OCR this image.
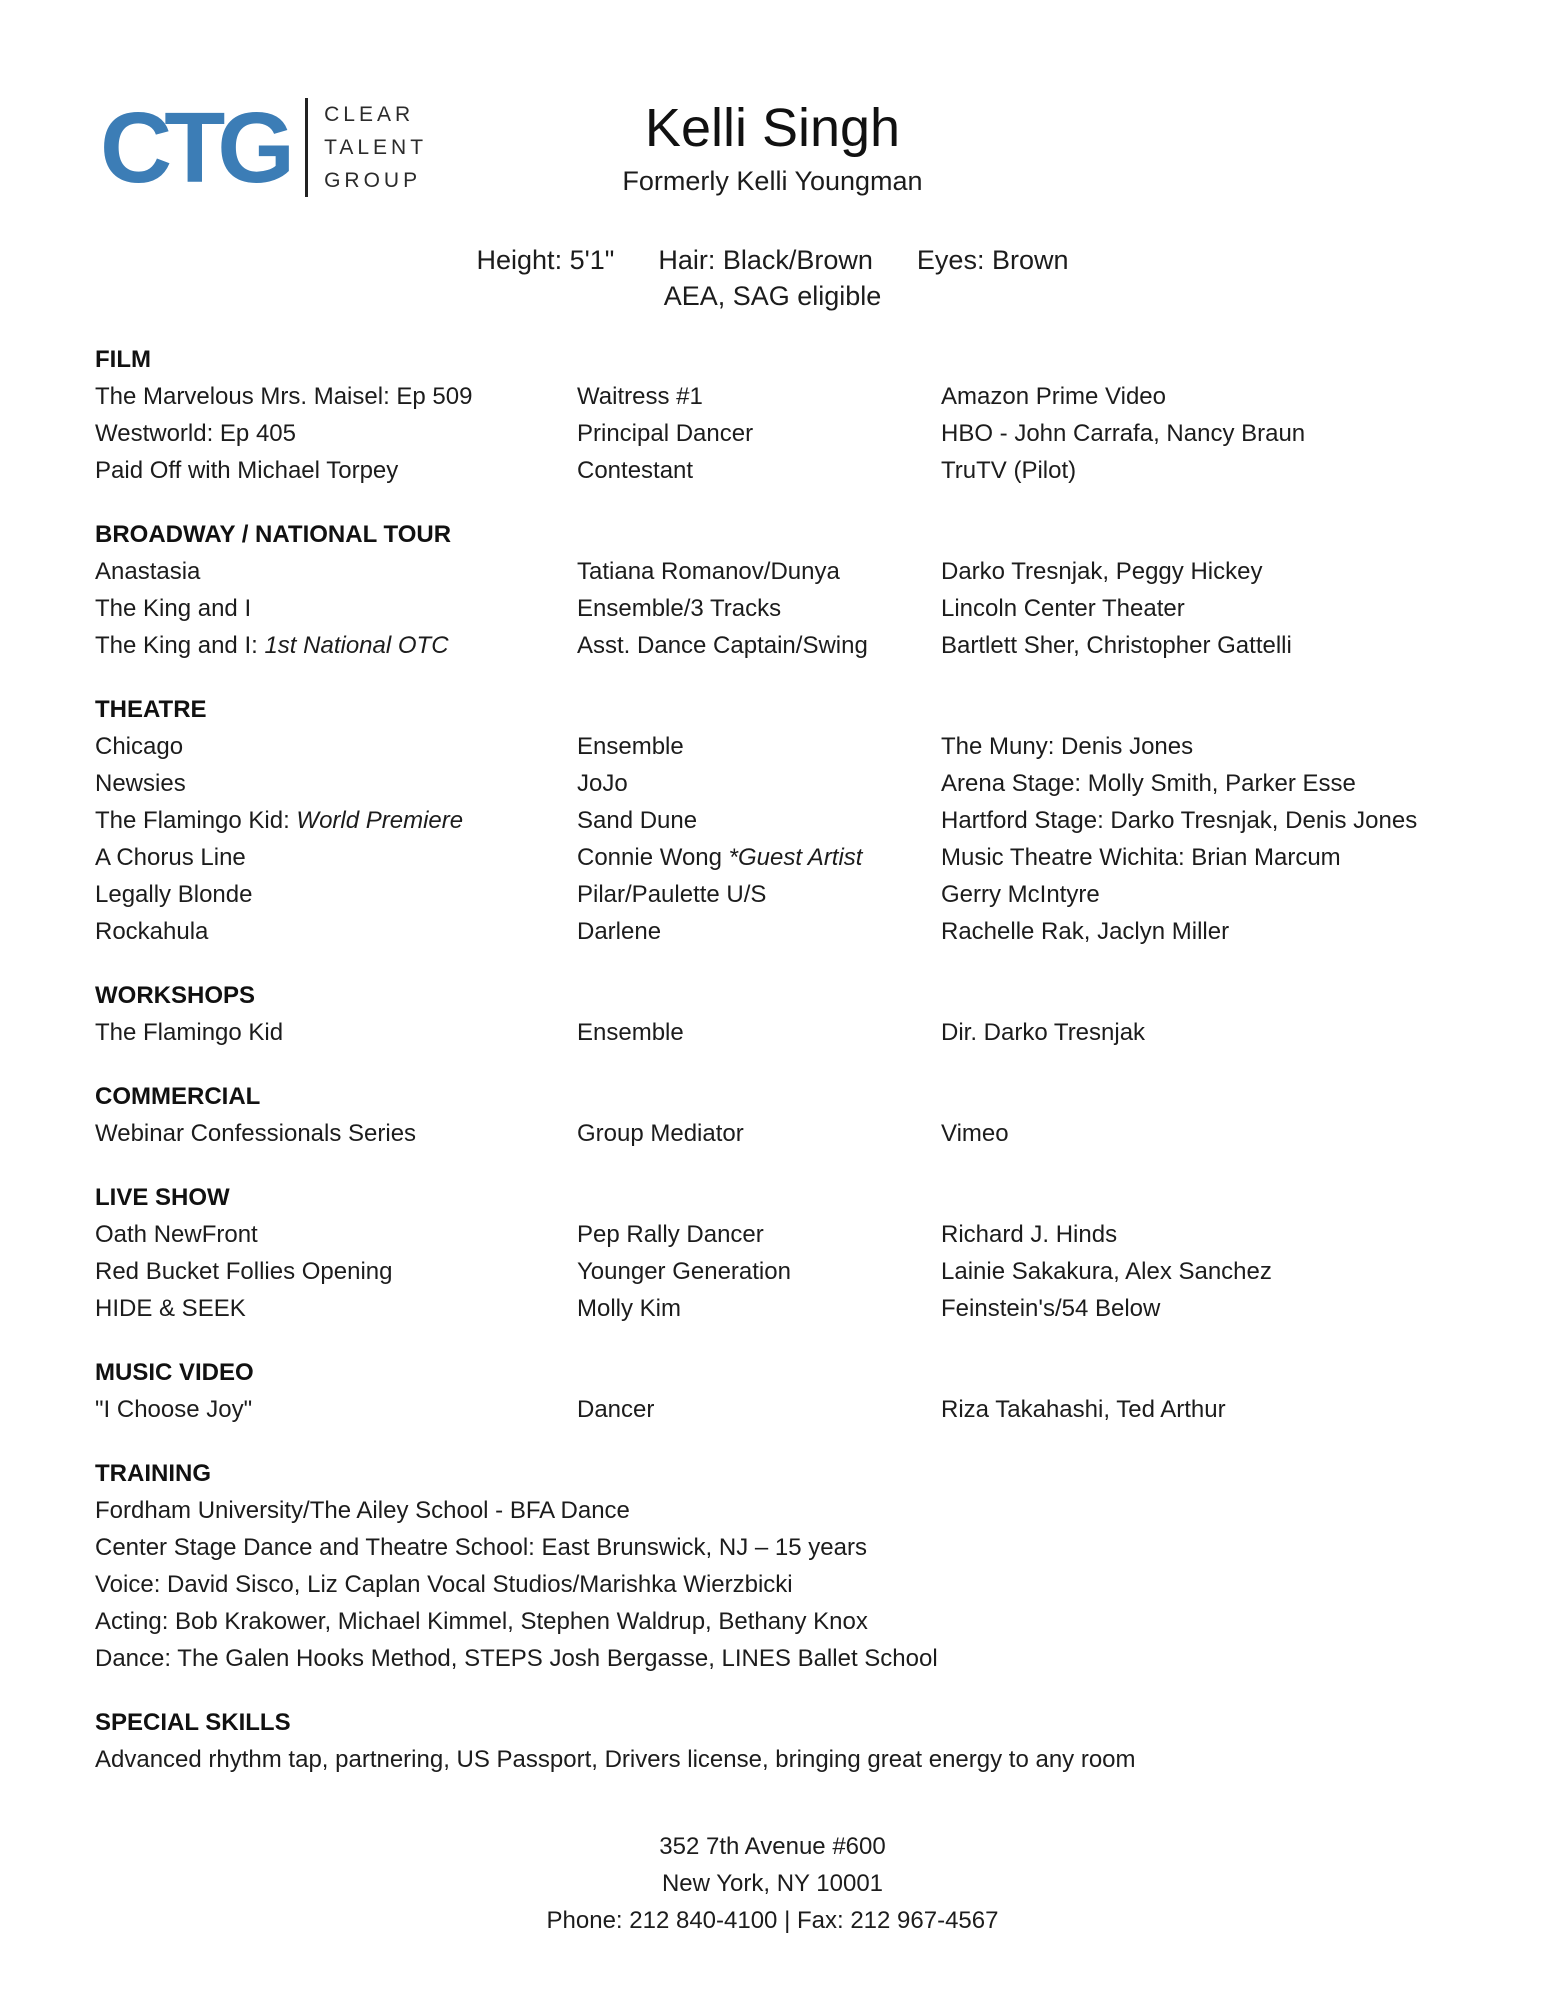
CTG	CLEAR
TALENT
GROUP
Kelli Singh
Formerly Kelli Youngman
Height: 5'1" Hair: Black/Brown Eyes: Brown
AEA, SAG eligible
FILM
The Marvelous Mrs. Maisel: Ep 509	Waitress #1	Amazon Prime Video
Westworld: Ep 405	Principal Dancer	HBO - John Carrafa, Nancy Braun
Paid Off with Michael Torpey	Contestant	TruTV (Pilot)
BROADWAY / NATIONAL TOUR
Anastasia	Tatiana Romanov/Dunya	Darko Tresnjak, Peggy Hickey
The King and I	Ensemble/3 Tracks	Lincoln Center Theater
The King and I: 1st National OTC	Asst. Dance Captain/Swing	Bartlett Sher, Christopher Gattelli
THEATRE
Chicago	Ensemble	The Muny: Denis Jones
Newsies	JoJo	Arena Stage: Molly Smith, Parker Esse
The Flamingo Kid: World Premiere	Sand Dune	Hartford Stage: Darko Tresnjak, Denis Jones
A Chorus Line	Connie Wong *Guest Artist	Music Theatre Wichita: Brian Marcum
Legally Blonde	Pilar/Paulette U/S	Gerry McIntyre
Rockahula	Darlene	Rachelle Rak, Jaclyn Miller
WORKSHOPS
The Flamingo Kid	Ensemble	Dir. Darko Tresnjak
COMMERCIAL
Webinar Confessionals Series	Group Mediator	Vimeo
LIVE SHOW
Oath NewFront	Pep Rally Dancer	Richard J. Hinds
Red Bucket Follies Opening	Younger Generation	Lainie Sakakura, Alex Sanchez
HIDE & SEEK	Molly Kim	Feinstein's/54 Below
MUSIC VIDEO
"I Choose Joy"	Dancer	Riza Takahashi, Ted Arthur
TRAINING
Fordham University/The Ailey School - BFA Dance
Center Stage Dance and Theatre School: East Brunswick, NJ – 15 years
Voice: David Sisco, Liz Caplan Vocal Studios/Marishka Wierzbicki
Acting: Bob Krakower, Michael Kimmel, Stephen Waldrup, Bethany Knox
Dance: The Galen Hooks Method, STEPS Josh Bergasse, LINES Ballet School
SPECIAL SKILLS
Advanced rhythm tap, partnering, US Passport, Drivers license, bringing great energy to any room
352 7th Avenue #600
New York, NY 10001
Phone: 212 840-4100 | Fax: 212 967-4567
